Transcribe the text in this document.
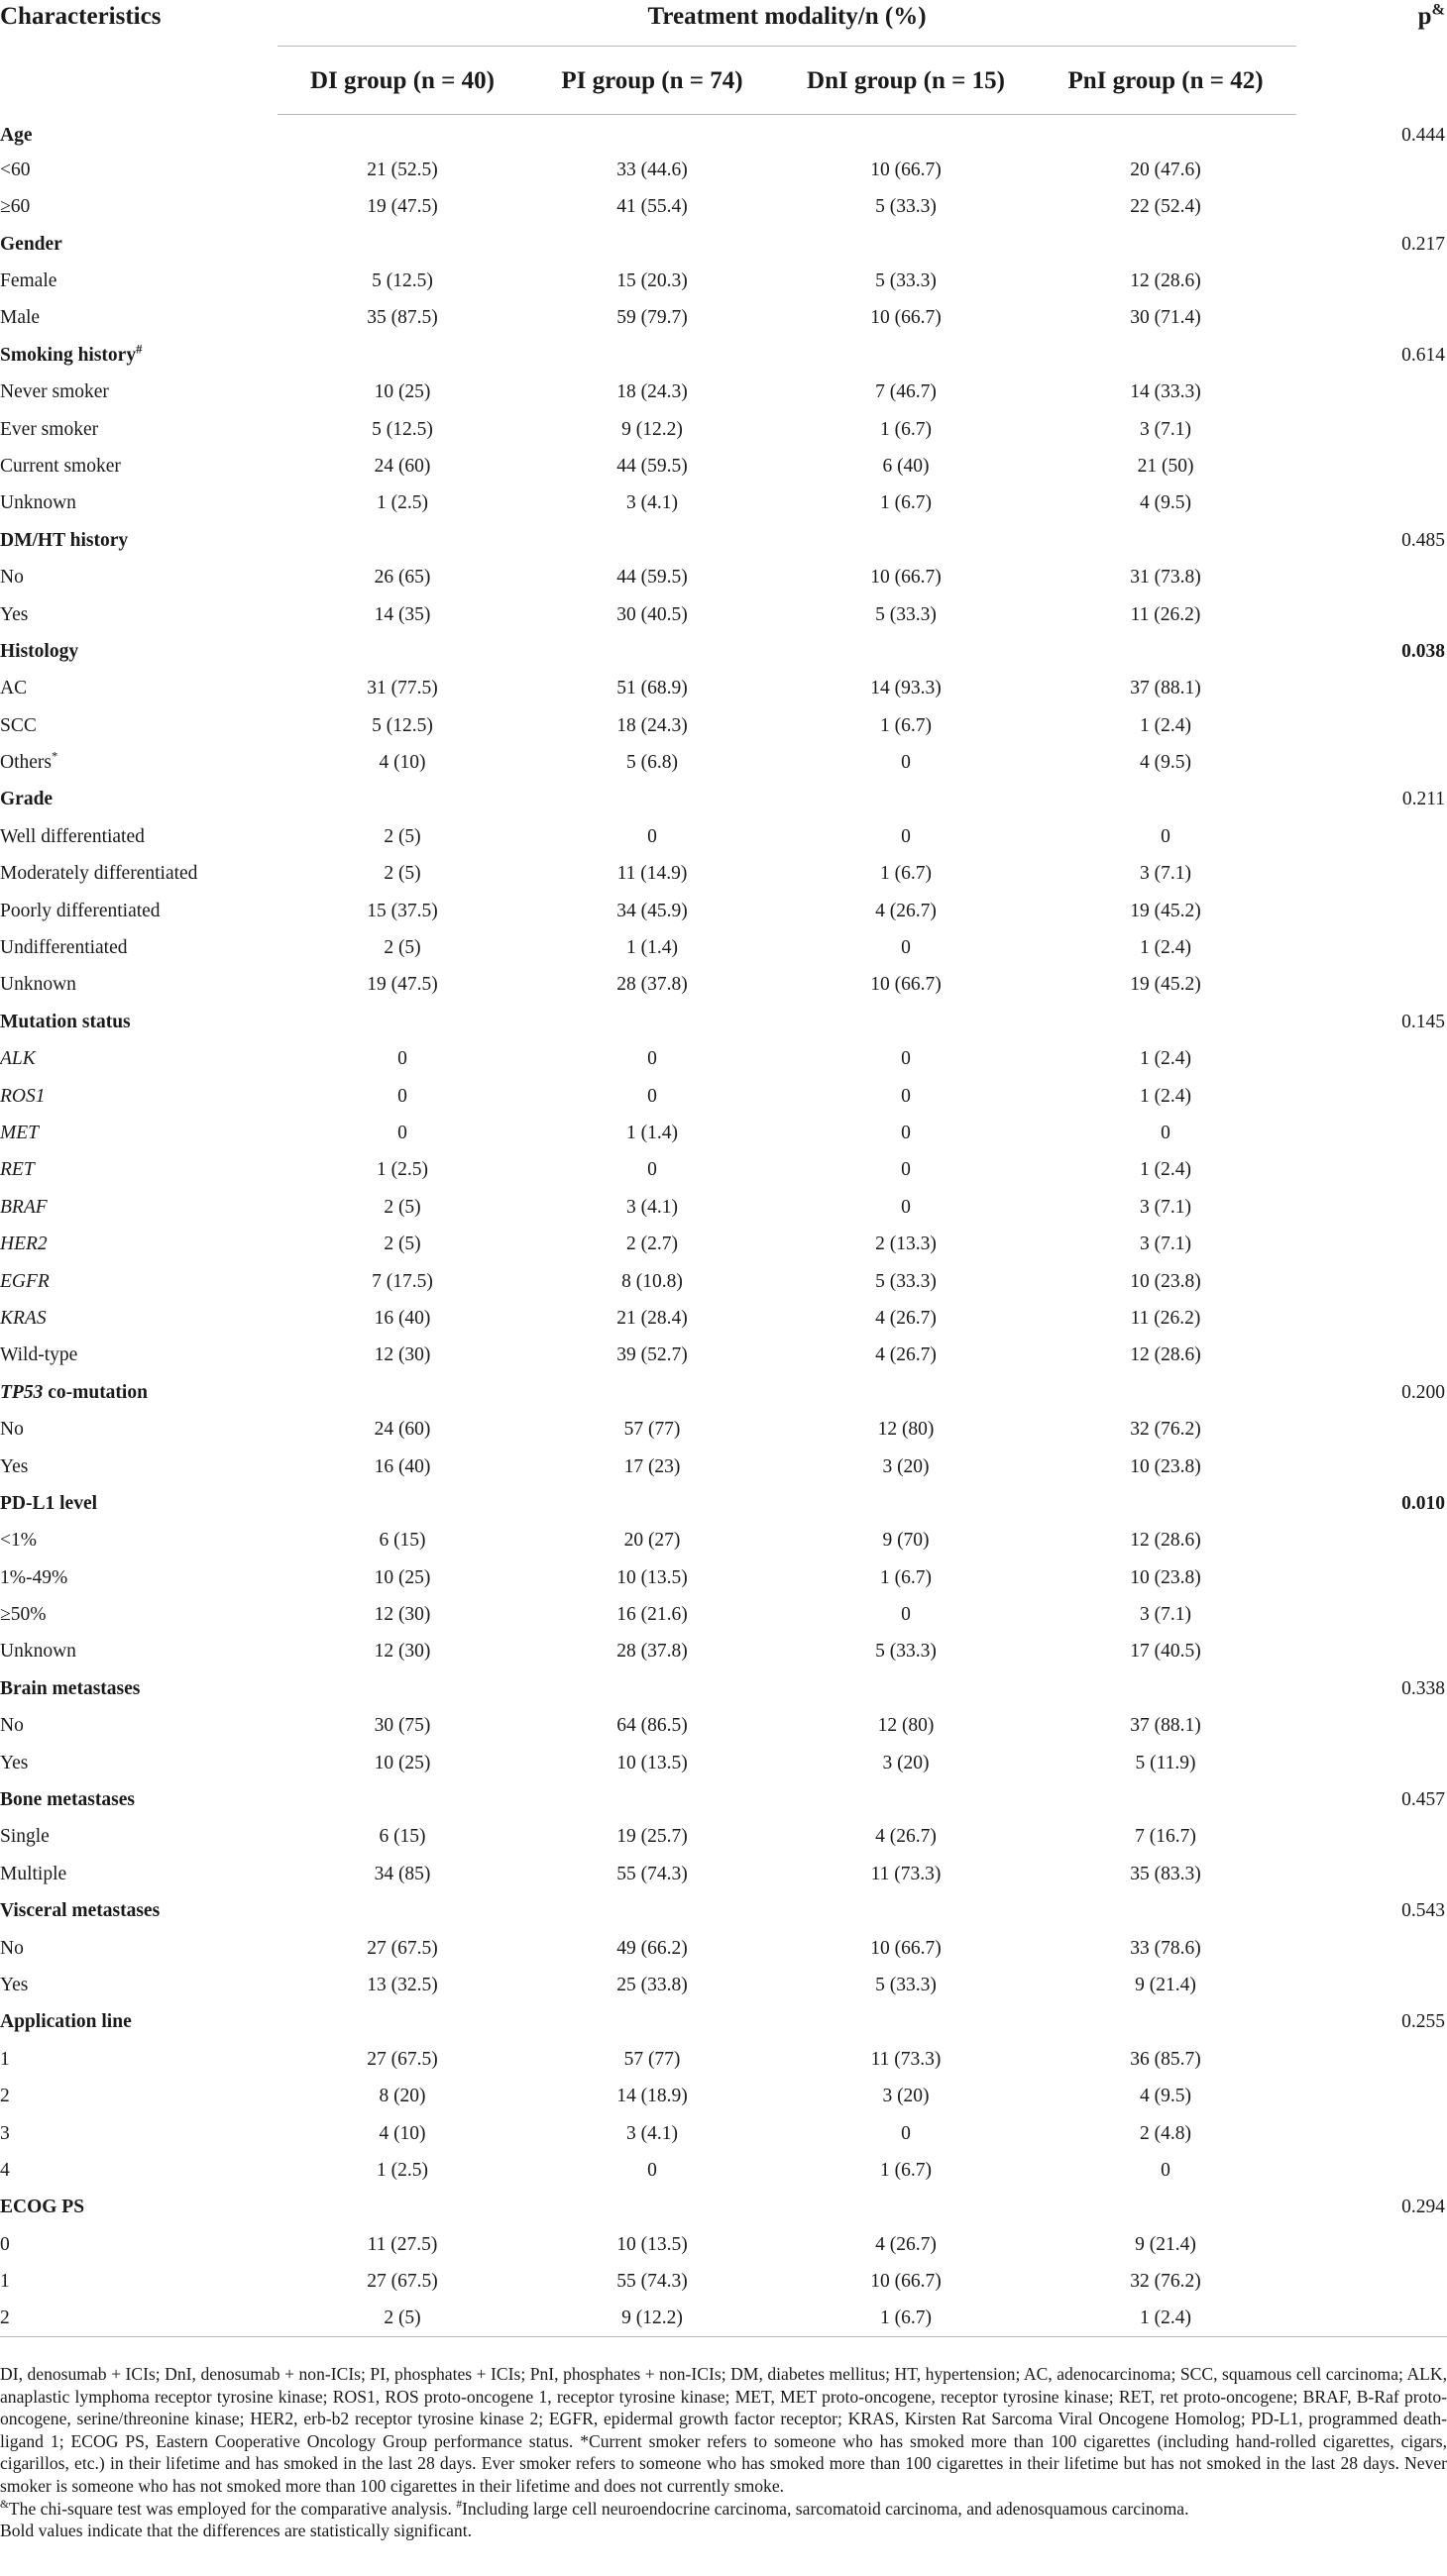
Characteristics	Treatment modality/n (%)				p&
	DI group (n = 40)	PI group (n = 74)	DnI group (n = 15)	PnI group (n = 42)	
Age					0.444
<60	21 (52.5)	33 (44.6)	10 (66.7)	20 (47.6)	
≥60	19 (47.5)	41 (55.4)	5 (33.3)	22 (52.4)	
Gender					0.217
Female	5 (12.5)	15 (20.3)	5 (33.3)	12 (28.6)	
Male	35 (87.5)	59 (79.7)	10 (66.7)	30 (71.4)	
Smoking history#					0.614
Never smoker	10 (25)	18 (24.3)	7 (46.7)	14 (33.3)	
Ever smoker	5 (12.5)	9 (12.2)	1 (6.7)	3 (7.1)	
Current smoker	24 (60)	44 (59.5)	6 (40)	21 (50)	
Unknown	1 (2.5)	3 (4.1)	1 (6.7)	4 (9.5)	
DM/HT history					0.485
No	26 (65)	44 (59.5)	10 (66.7)	31 (73.8)	
Yes	14 (35)	30 (40.5)	5 (33.3)	11 (26.2)	
Histology					0.038
AC	31 (77.5)	51 (68.9)	14 (93.3)	37 (88.1)	
SCC	5 (12.5)	18 (24.3)	1 (6.7)	1 (2.4)	
Others*	4 (10)	5 (6.8)	0	4 (9.5)	
Grade					0.211
Well differentiated	2 (5)	0	0	0	
Moderately differentiated	2 (5)	11 (14.9)	1 (6.7)	3 (7.1)	
Poorly differentiated	15 (37.5)	34 (45.9)	4 (26.7)	19 (45.2)	
Undifferentiated	2 (5)	1 (1.4)	0	1 (2.4)	
Unknown	19 (47.5)	28 (37.8)	10 (66.7)	19 (45.2)	
Mutation status					0.145
ALK	0	0	0	1 (2.4)	
ROS1	0	0	0	1 (2.4)	
MET	0	1 (1.4)	0	0	
RET	1 (2.5)	0	0	1 (2.4)	
BRAF	2 (5)	3 (4.1)	0	3 (7.1)	
HER2	2 (5)	2 (2.7)	2 (13.3)	3 (7.1)	
EGFR	7 (17.5)	8 (10.8)	5 (33.3)	10 (23.8)	
KRAS	16 (40)	21 (28.4)	4 (26.7)	11 (26.2)	
Wild-type	12 (30)	39 (52.7)	4 (26.7)	12 (28.6)	
TP53 co-mutation					0.200
No	24 (60)	57 (77)	12 (80)	32 (76.2)	
Yes	16 (40)	17 (23)	3 (20)	10 (23.8)	
PD-L1 level					0.010
<1%	6 (15)	20 (27)	9 (70)	12 (28.6)	
1%-49%	10 (25)	10 (13.5)	1 (6.7)	10 (23.8)	
≥50%	12 (30)	16 (21.6)	0	3 (7.1)	
Unknown	12 (30)	28 (37.8)	5 (33.3)	17 (40.5)	
Brain metastases					0.338
No	30 (75)	64 (86.5)	12 (80)	37 (88.1)	
Yes	10 (25)	10 (13.5)	3 (20)	5 (11.9)	
Bone metastases					0.457
Single	6 (15)	19 (25.7)	4 (26.7)	7 (16.7)	
Multiple	34 (85)	55 (74.3)	11 (73.3)	35 (83.3)	
Visceral metastases					0.543
No	27 (67.5)	49 (66.2)	10 (66.7)	33 (78.6)	
Yes	13 (32.5)	25 (33.8)	5 (33.3)	9 (21.4)	
Application line					0.255
1	27 (67.5)	57 (77)	11 (73.3)	36 (85.7)	
2	8 (20)	14 (18.9)	3 (20)	4 (9.5)	
3	4 (10)	3 (4.1)	0	2 (4.8)	
4	1 (2.5)	0	1 (6.7)	0	
ECOG PS					0.294
0	11 (27.5)	10 (13.5)	4 (26.7)	9 (21.4)	
1	27 (67.5)	55 (74.3)	10 (66.7)	32 (76.2)	
2	2 (5)	9 (12.2)	1 (6.7)	1 (2.4)	

DI, denosumab + ICIs; DnI, denosumab + non-ICIs; PI, phosphates + ICIs; PnI, phosphates + non-ICIs; DM, diabetes mellitus; HT, hypertension; AC, adenocarcinoma; SCC, squamous cell carcinoma; ALK, anaplastic lymphoma receptor tyrosine kinase; ROS1, ROS proto-oncogene 1, receptor tyrosine kinase; MET, MET proto-oncogene, receptor tyrosine kinase; RET, ret proto-oncogene; BRAF, B-Raf proto-oncogene, serine/threonine kinase; HER2, erb-b2 receptor tyrosine kinase 2; EGFR, epidermal growth factor receptor; KRAS, Kirsten Rat Sarcoma Viral Oncogene Homolog; PD-L1, programmed death-ligand 1; ECOG PS, Eastern Cooperative Oncology Group performance status. *Current smoker refers to someone who has smoked more than 100 cigarettes (including hand-rolled cigarettes, cigars, cigarillos, etc.) in their lifetime and has smoked in the last 28 days. Ever smoker refers to someone who has smoked more than 100 cigarettes in their lifetime but has not smoked in the last 28 days. Never smoker is someone who has not smoked more than 100 cigarettes in their lifetime and does not currently smoke.

&The chi-square test was employed for the comparative analysis. #Including large cell neuroendocrine carcinoma, sarcomatoid carcinoma, and adenosquamous carcinoma.

Bold values indicate that the differences are statistically significant.
